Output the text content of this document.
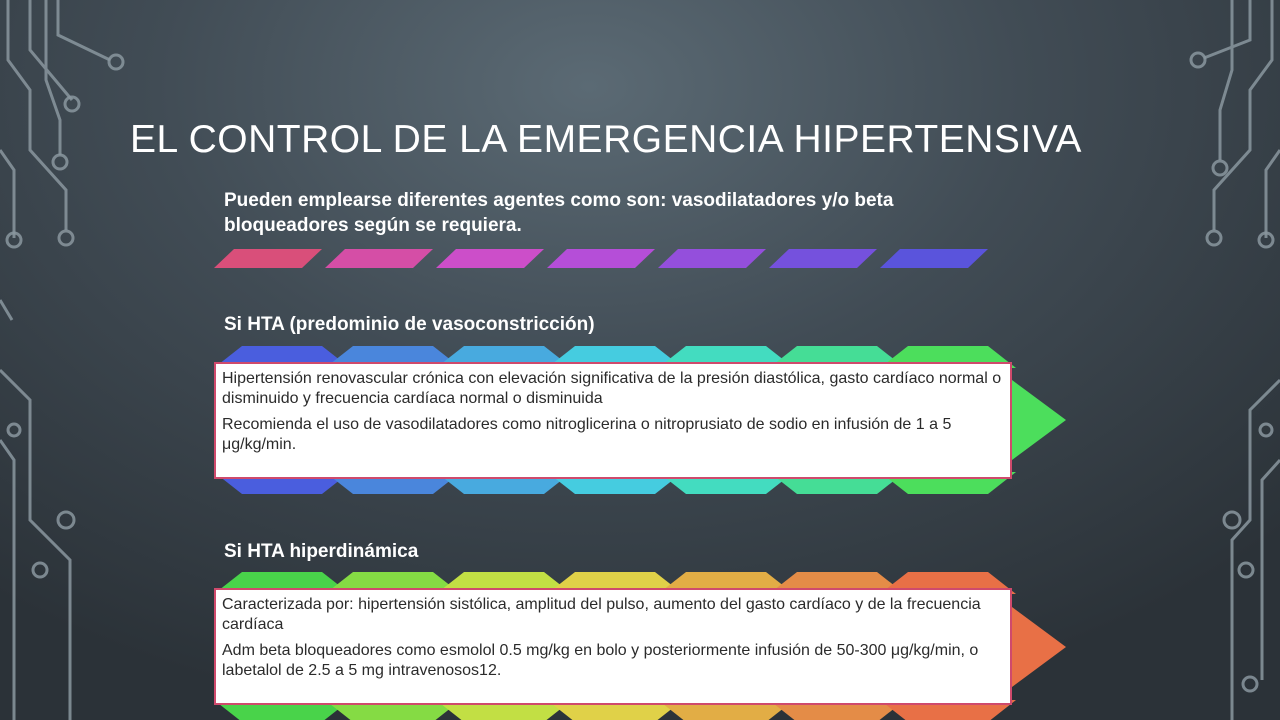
EL CONTROL DE LA EMERGENCIA HIPERTENSIVA

Pueden emplearse diferentes agentes como son: vasodilatadores y/o beta bloqueadores según se requiera.

Si HTA (predominio de vasoconstricción)

Hipertensión renovascular crónica con elevación significativa de la presión diastólica, gasto cardíaco normal o disminuido y frecuencia cardíaca normal o disminuida

Recomienda el uso de vasodilatadores como nitroglicerina o nitroprusiato de sodio en infusión de 1 a 5 μg/kg/min.

Si HTA hiperdinámica

Caracterizada por: hipertensión sistólica, amplitud del pulso, aumento del gasto cardíaco y de la frecuencia cardíaca

Adm beta bloqueadores como esmolol 0.5 mg/kg en bolo y posteriormente infusión de 50-300 μg/kg/min, o labetalol de 2.5 a 5 mg intravenosos12.
